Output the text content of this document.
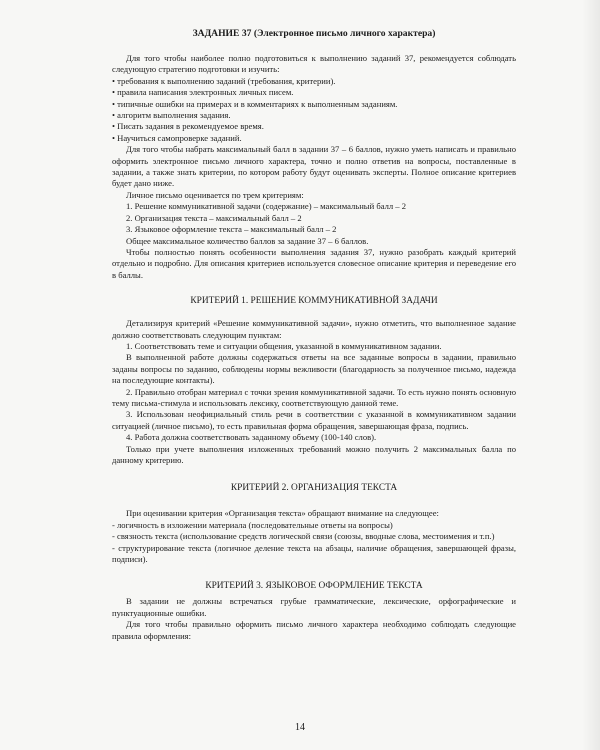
ЗАДАНИЕ 37 (Электронное письмо личного характера)

Для того чтобы наиболее полно подготовиться к выполнению заданий 37, рекомендуется соблюдать следующую стратегию подготовки и изучить:

• требования к выполнению заданий (требования, критерии).

• правила написания электронных личных писем.

• типичные ошибки на примерах и в комментариях к выполненным заданиям.

• алгоритм выполнения задания.

• Писать задания в рекомендуемое время.

• Научиться самопроверке заданий.

Для того чтобы набрать максимальный балл в задании 37 – 6 баллов, нужно уметь написать и правильно оформить электронное письмо личного характера, точно и полно ответив на вопросы, поставленные в задании, а также знать критерии, по котором работу будут оценивать эксперты. Полное описание критериев будет дано ниже.

Личное письмо оценивается по трем критериям:

1. Решение коммуникативной задачи (содержание) – максимальный балл – 2

2. Организация текста – максимальный балл – 2

3. Языковое оформление текста – максимальный балл – 2

Общее максимальное количество баллов за задание 37 – 6 баллов.

Чтобы полностью понять особенности выполнения задания 37, нужно разобрать каждый критерий отдельно и подробно. Для описания критериев используется словесное описание критерия и переведение его в баллы.

КРИТЕРИЙ 1. РЕШЕНИЕ КОММУНИКАТИВНОЙ ЗАДАЧИ

Детализируя критерий «Решение коммуникативной задачи», нужно отметить, что выполненное задание должно соответствовать следующим пунктам:

1. Соответствовать теме и ситуации общения, указанной в коммуникативном задании.

В выполненной работе должны содержаться ответы на все заданные вопросы в задании, правильно заданы вопросы по заданию, соблюдены нормы вежливости (благодарность за полученное письмо, надежда на последующие контакты).

2. Правильно отобран материал с точки зрения коммуникативной задачи. То есть нужно понять основную тему письма-стимула и использовать лексику, соответствующую данной теме.

3. Использован неофициальный стиль речи в соответствии с указанной в коммуникативном задании ситуацией (личное письмо), то есть правильная форма обращения, завершающая фраза, подпись.

4. Работа должна соответствовать заданному объему (100-140 слов).

Только при учете выполнения изложенных требований можно получить 2 максимальных балла по данному критерию.

КРИТЕРИЙ 2. ОРГАНИЗАЦИЯ ТЕКСТА

При оценивании критерия «Организация текста» обращают внимание на следующее:

- логичность в изложении материала (последовательные ответы на вопросы)

- связность текста (использование средств логической связи (союзы, вводные слова, местоимения и т.п.)

- структурирование текста (логичное деление текста на абзацы, наличие обращения, завершающей фразы, подписи).

КРИТЕРИЙ 3. ЯЗЫКОВОЕ ОФОРМЛЕНИЕ ТЕКСТА

В задании не должны встречаться грубые грамматические, лексические, орфографические и пунктуационные ошибки.

Для того чтобы правильно оформить письмо личного характера необходимо соблюдать следующие правила оформления:

14
